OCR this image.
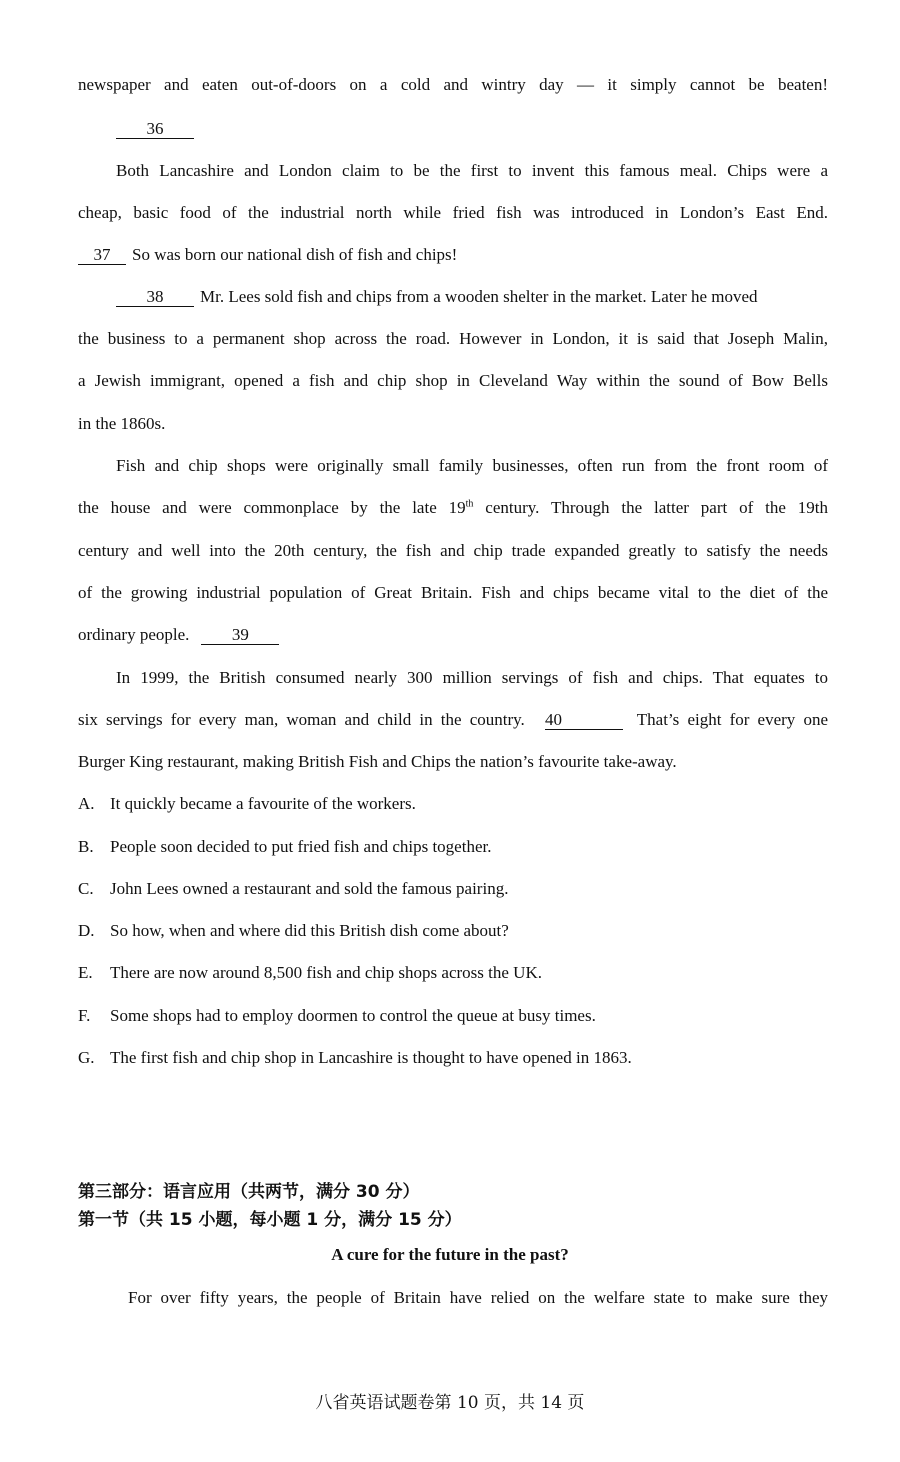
newspaper and eaten out-of-doors on a cold and wintry day — it simply cannot be beaten!
36
Both Lancashire and London claim to be the first to invent this famous meal. Chips were a
cheap, basic food of the industrial north while fried fish was introduced in London’s East End.
37 So was born our national dish of fish and chips!
38 Mr. Lees sold fish and chips from a wooden shelter in the market. Later he moved
the business to a permanent shop across the road. However in London, it is said that Joseph Malin,
a Jewish immigrant, opened a fish and chip shop in Cleveland Way within the sound of Bow Bells
in the 1860s.
Fish and chip shops were originally small family businesses, often run from the front room of
the house and were commonplace by the late 19th century. Through the latter part of the 19th
century and well into the 20th century, the fish and chip trade expanded greatly to satisfy the needs
of the growing industrial population of Great Britain. Fish and chips became vital to the diet of the
ordinary people.	39
In 1999, the British consumed nearly 300 million servings of fish and chips. That equates to
six servings for every man, woman and child in the country. 40	That’s eight for every one
Burger King restaurant, making British Fish and Chips the nation’s favourite take-away.
A. It quickly became a favourite of the workers.
B. People soon decided to put fried fish and chips together.
C. John Lees owned a restaurant and sold the famous pairing.
D. So how, when and where did this British dish come about?
E. There are now around 8,500 fish and chip shops across the UK.
F. Some shops had to employ doormen to control the queue at busy times.
G. The first fish and chip shop in Lancashire is thought to have opened in 1863.
第三部分：语言应用（共两节，满分 30 分）
第一节（共 15 小题，每小题 1 分，满分 15 分）
A cure for the future in the past?
For over fifty years, the people of Britain have relied on the welfare state to make sure they
八省英语试题卷第 10 页，共 14 页
